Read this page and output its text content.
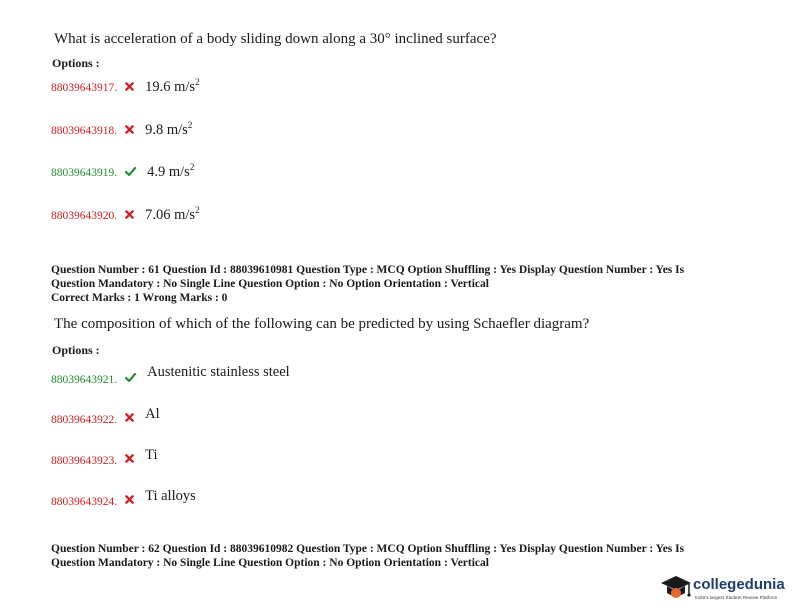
What is acceleration of a body sliding down along a 30° inclined surface?
Options :
88039643917. 19.6 $m/s^2$
88039643918. 9.8 $m/s^2$
88039643919. 4.9 $m/s^2$
88039643920. 7.06 $m/s^2$
Question Number : 61 Question Id : 88039610981 Question Type : MCQ Option Shuffling : Yes Display Question Number : Yes Is
Question Mandatory : No Single Line Question Option : No Option Orientation : Vertical
Correct Marks : 1 Wrong Marks : 0
The composition of which of the following can be predicted by using Schaefler diagram?
Options :
$_{88039643921.}$ Austenitic stainless steel
$_{88039643922.}$ Al
$_{88039643923.}$ Ti
$_{88039643924.}$ Ti alloys
Question Number : 62 Question Id : 88039610982 Question Type : MCQ Option Shuffling : Yes Display Question Number : Yes Is
Question Mandatory : No Single Line Question Option : No Option Orientation : Vertical
collegedunia
India's largest Student Review Platform
